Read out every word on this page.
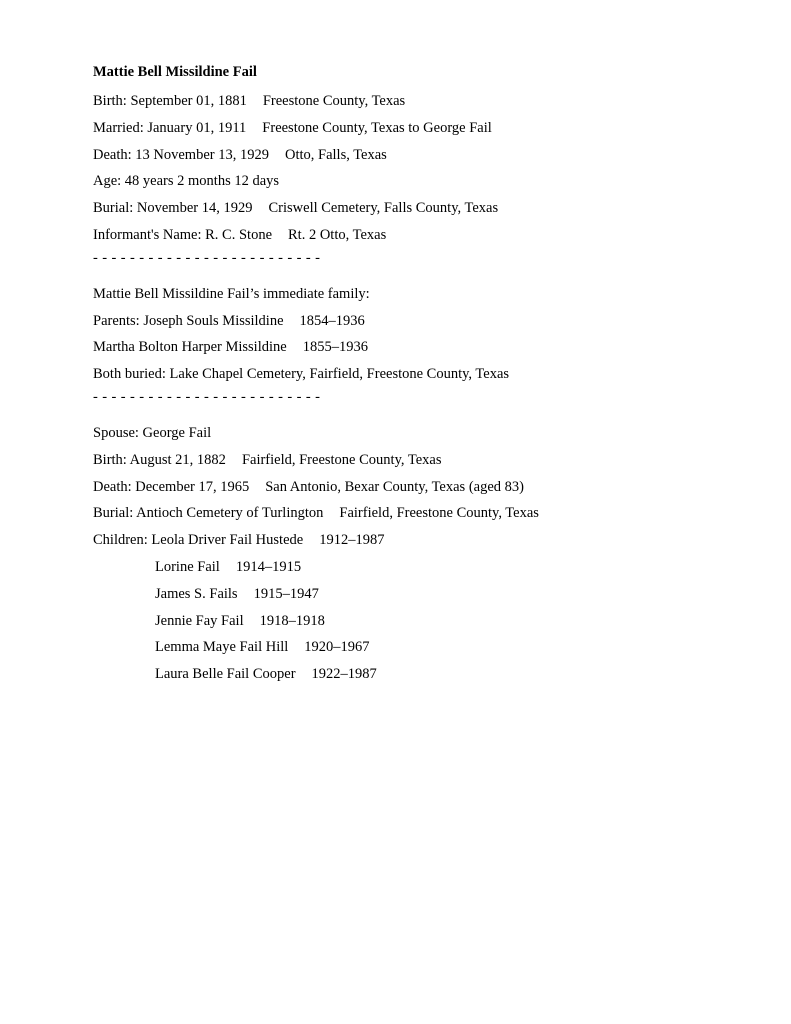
Mattie Bell Missildine Fail
Birth: September 01, 1881 Freestone County, Texas
Married: January 01, 1911 Freestone County, Texas to George Fail
Death: 13 November 13, 1929 Otto, Falls, Texas
Age: 48 years 2 months 12 days
Burial: November 14, 1929 Criswell Cemetery, Falls County, Texas
Informant's Name: R. C. Stone Rt. 2 Otto, Texas
- - - - - - - - - - - - - - - - - - - - - - - - -
Mattie Bell Missildine Fail’s immediate family:
Parents: Joseph Souls Missildine 1854–1936
Martha Bolton Harper Missildine 1855–1936
Both buried: Lake Chapel Cemetery, Fairfield, Freestone County, Texas
- - - - - - - - - - - - - - - - - - - - - - - - -
Spouse: George Fail
Birth: August 21, 1882 Fairfield, Freestone County, Texas
Death: December 17, 1965 San Antonio, Bexar County, Texas (aged 83)
Burial: Antioch Cemetery of Turlington Fairfield, Freestone County, Texas
Children: Leola Driver Fail Hustede 1912–1987
Lorine Fail 1914–1915
James S. Fails 1915–1947
Jennie Fay Fail 1918–1918
Lemma Maye Fail Hill 1920–1967
Laura Belle Fail Cooper 1922–1987
